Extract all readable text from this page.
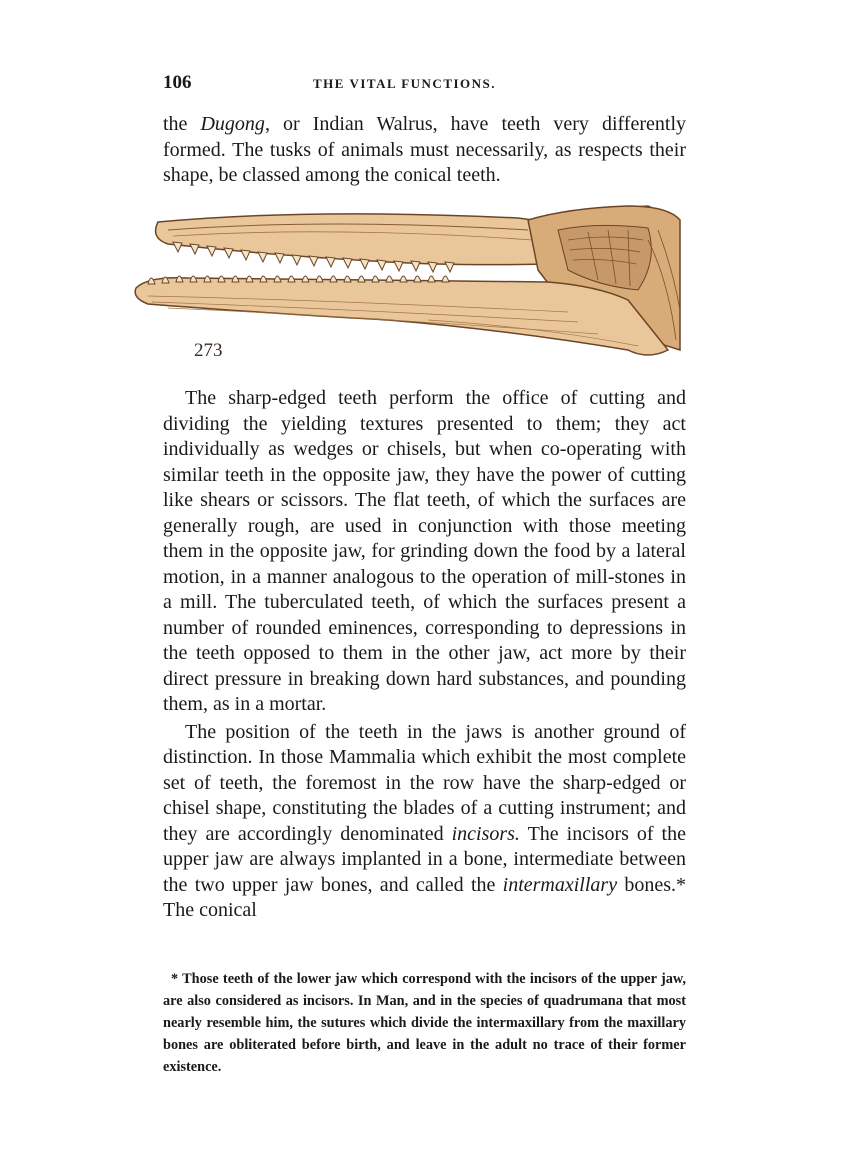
106	THE VITAL FUNCTIONS.

the Dugong, or Indian Walrus, have teeth very differently formed. The tusks of animals must necessarily, as respects their shape, be classed among the conical teeth.

273

The sharp-edged teeth perform the office of cutting and dividing the yielding textures presented to them; they act individually as wedges or chisels, but when co-operating with similar teeth in the opposite jaw, they have the power of cutting like shears or scissors. The flat teeth, of which the surfaces are generally rough, are used in conjunction with those meeting them in the opposite jaw, for grinding down the food by a lateral motion, in a manner analogous to the operation of mill-stones in a mill. The tuberculated teeth, of which the surfaces present a number of rounded eminences, corresponding to depressions in the teeth opposed to them in the other jaw, act more by their direct pressure in breaking down hard substances, and pounding them, as in a mortar.

The position of the teeth in the jaws is another ground of distinction. In those Mammalia which exhibit the most complete set of teeth, the foremost in the row have the sharp-edged or chisel shape, constituting the blades of a cutting instrument; and they are accordingly denominated incisors. The incisors of the upper jaw are always implanted in a bone, intermediate between the two upper jaw bones, and called the intermaxillary bones.* The conical

* Those teeth of the lower jaw which correspond with the incisors of the upper jaw, are also considered as incisors. In Man, and in the species of quadrumana that most nearly resemble him, the sutures which divide the intermaxillary from the maxillary bones are obliterated before birth, and leave in the adult no trace of their former existence.
